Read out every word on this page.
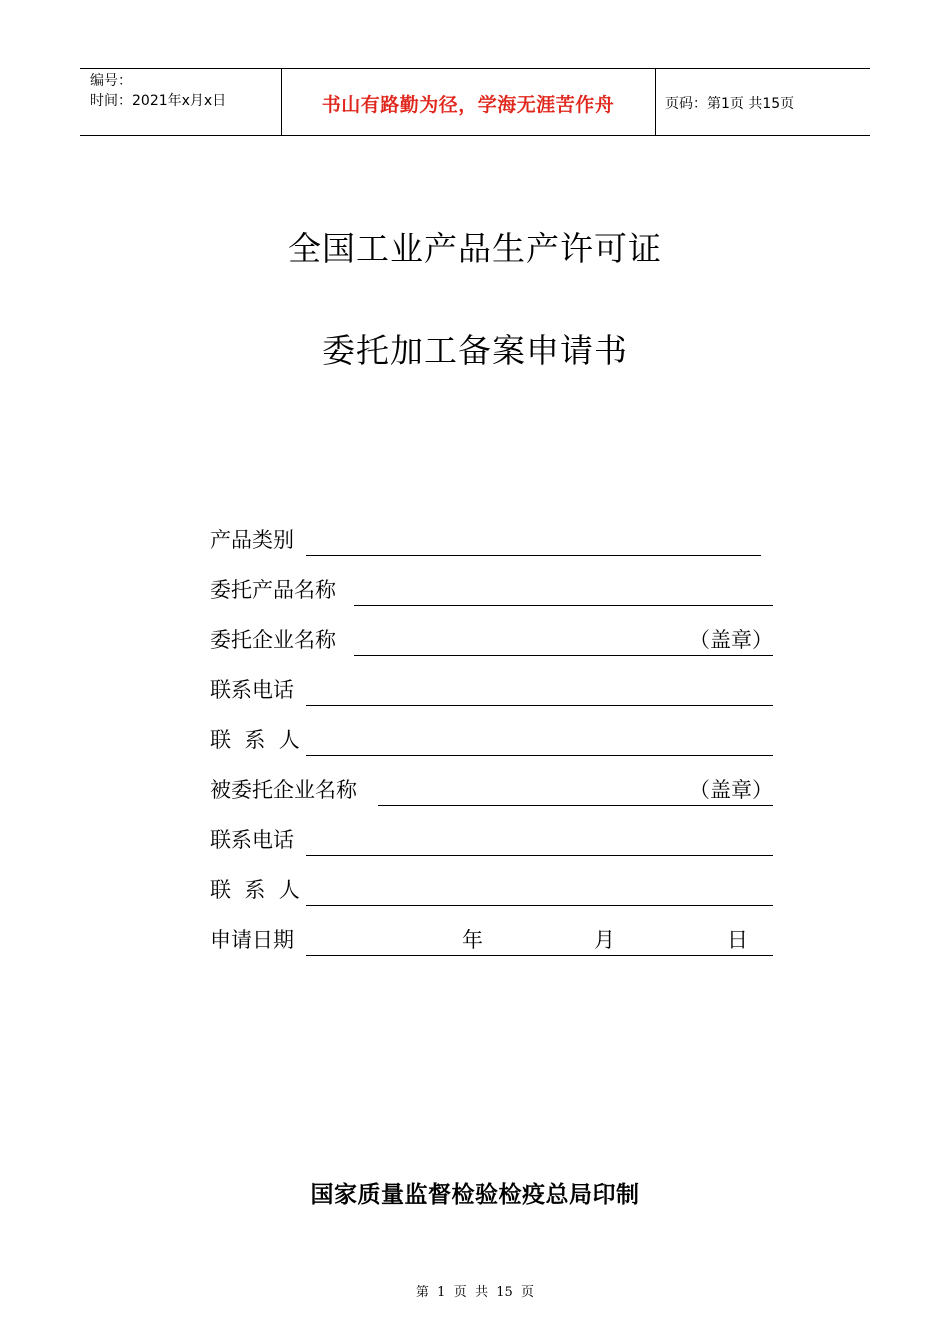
编号：
时间：2021年x月x日	书山有路勤为径，学海无涯苦作舟	页码：第1页 共15页
全国工业产品生产许可证
委托加工备案申请书
产品类别
委托产品名称
委托企业名称	（盖章）
联系电话
联  系  人
被委托企业名称	（盖章）
联系电话
联  系  人
申请日期	年	月	日
国家质量监督检验检疫总局印制
第  1  页  共  15  页
